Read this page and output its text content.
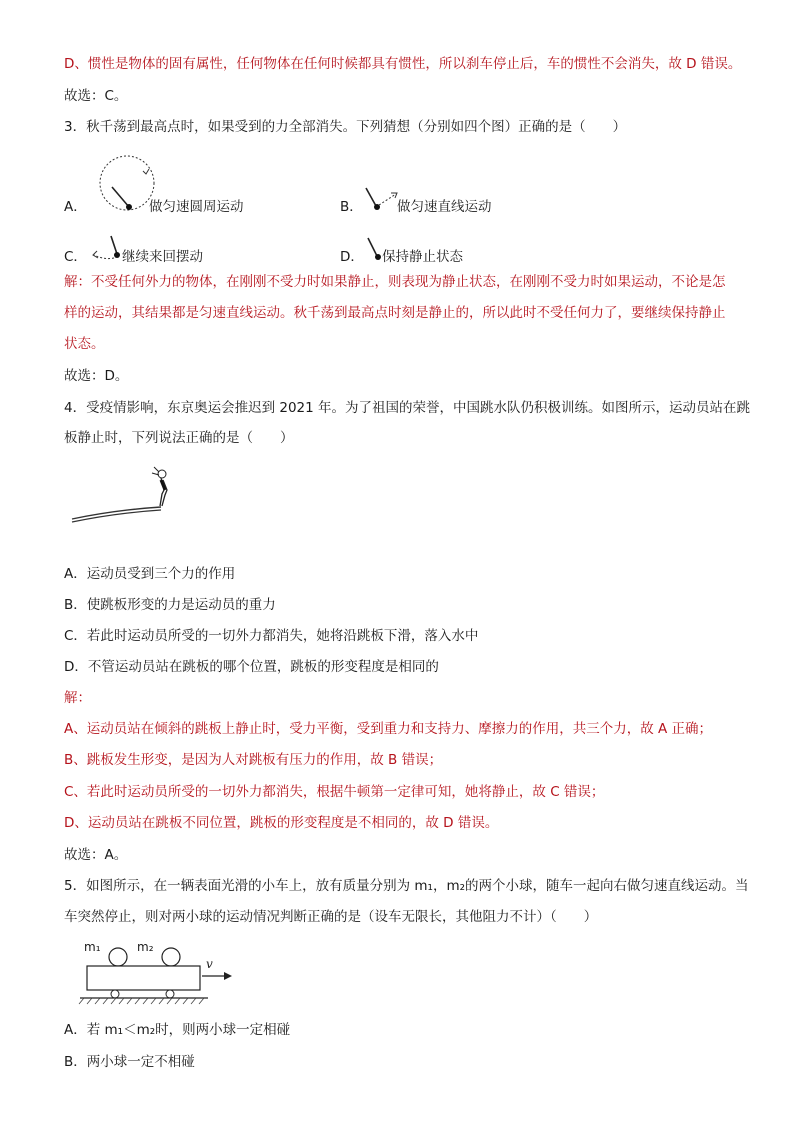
D、惯性是物体的固有属性，任何物体在任何时候都具有惯性，所以刹车停止后，车的惯性不会消失，故 D 错误。
故选：C。
3．秋千荡到最高点时，如果受到的力全部消失。下列猜想（分别如四个图）正确的是（　　）
A．	做匀速圆周运动	B．	做匀速直线运动
C．	继续来回摆动	D． 保持静止状态
解：不受任何外力的物体，在刚刚不受力时如果静止，则表现为静止状态，在刚刚不受力时如果运动，不论是怎
样的运动，其结果都是匀速直线运动。秋千荡到最高点时刻是静止的，所以此时不受任何力了，要继续保持静止
状态。
故选：D。
4．受疫情影响，东京奥运会推迟到 2021 年。为了祖国的荣誉，中国跳水队仍积极训练。如图所示，运动员站在跳
板静止时，下列说法正确的是（　　）
A．运动员受到三个力的作用
B．使跳板形变的力是运动员的重力
C．若此时运动员所受的一切外力都消失，她将沿跳板下滑，落入水中
D．不管运动员站在跳板的哪个位置，跳板的形变程度是相同的
解：
A、运动员站在倾斜的跳板上静止时，受力平衡，受到重力和支持力、摩擦力的作用，共三个力，故 A 正确；
B、跳板发生形变，是因为人对跳板有压力的作用，故 B 错误；
C、若此时运动员所受的一切外力都消失，根据牛顿第一定律可知，她将静止，故 C 错误；
D、运动员站在跳板不同位置，跳板的形变程度是不相同的，故 D 错误。
故选：A。
5．如图所示，在一辆表面光滑的小车上，放有质量分别为 m₁，m₂的两个小球，随车一起向右做匀速直线运动。当
车突然停止，则对两小球的运动情况判断正确的是（设车无限长，其他阻力不计）（　　）
m₁	m₂
v
A．若 m₁＜m₂时，则两小球一定相碰
B．两小球一定不相碰
